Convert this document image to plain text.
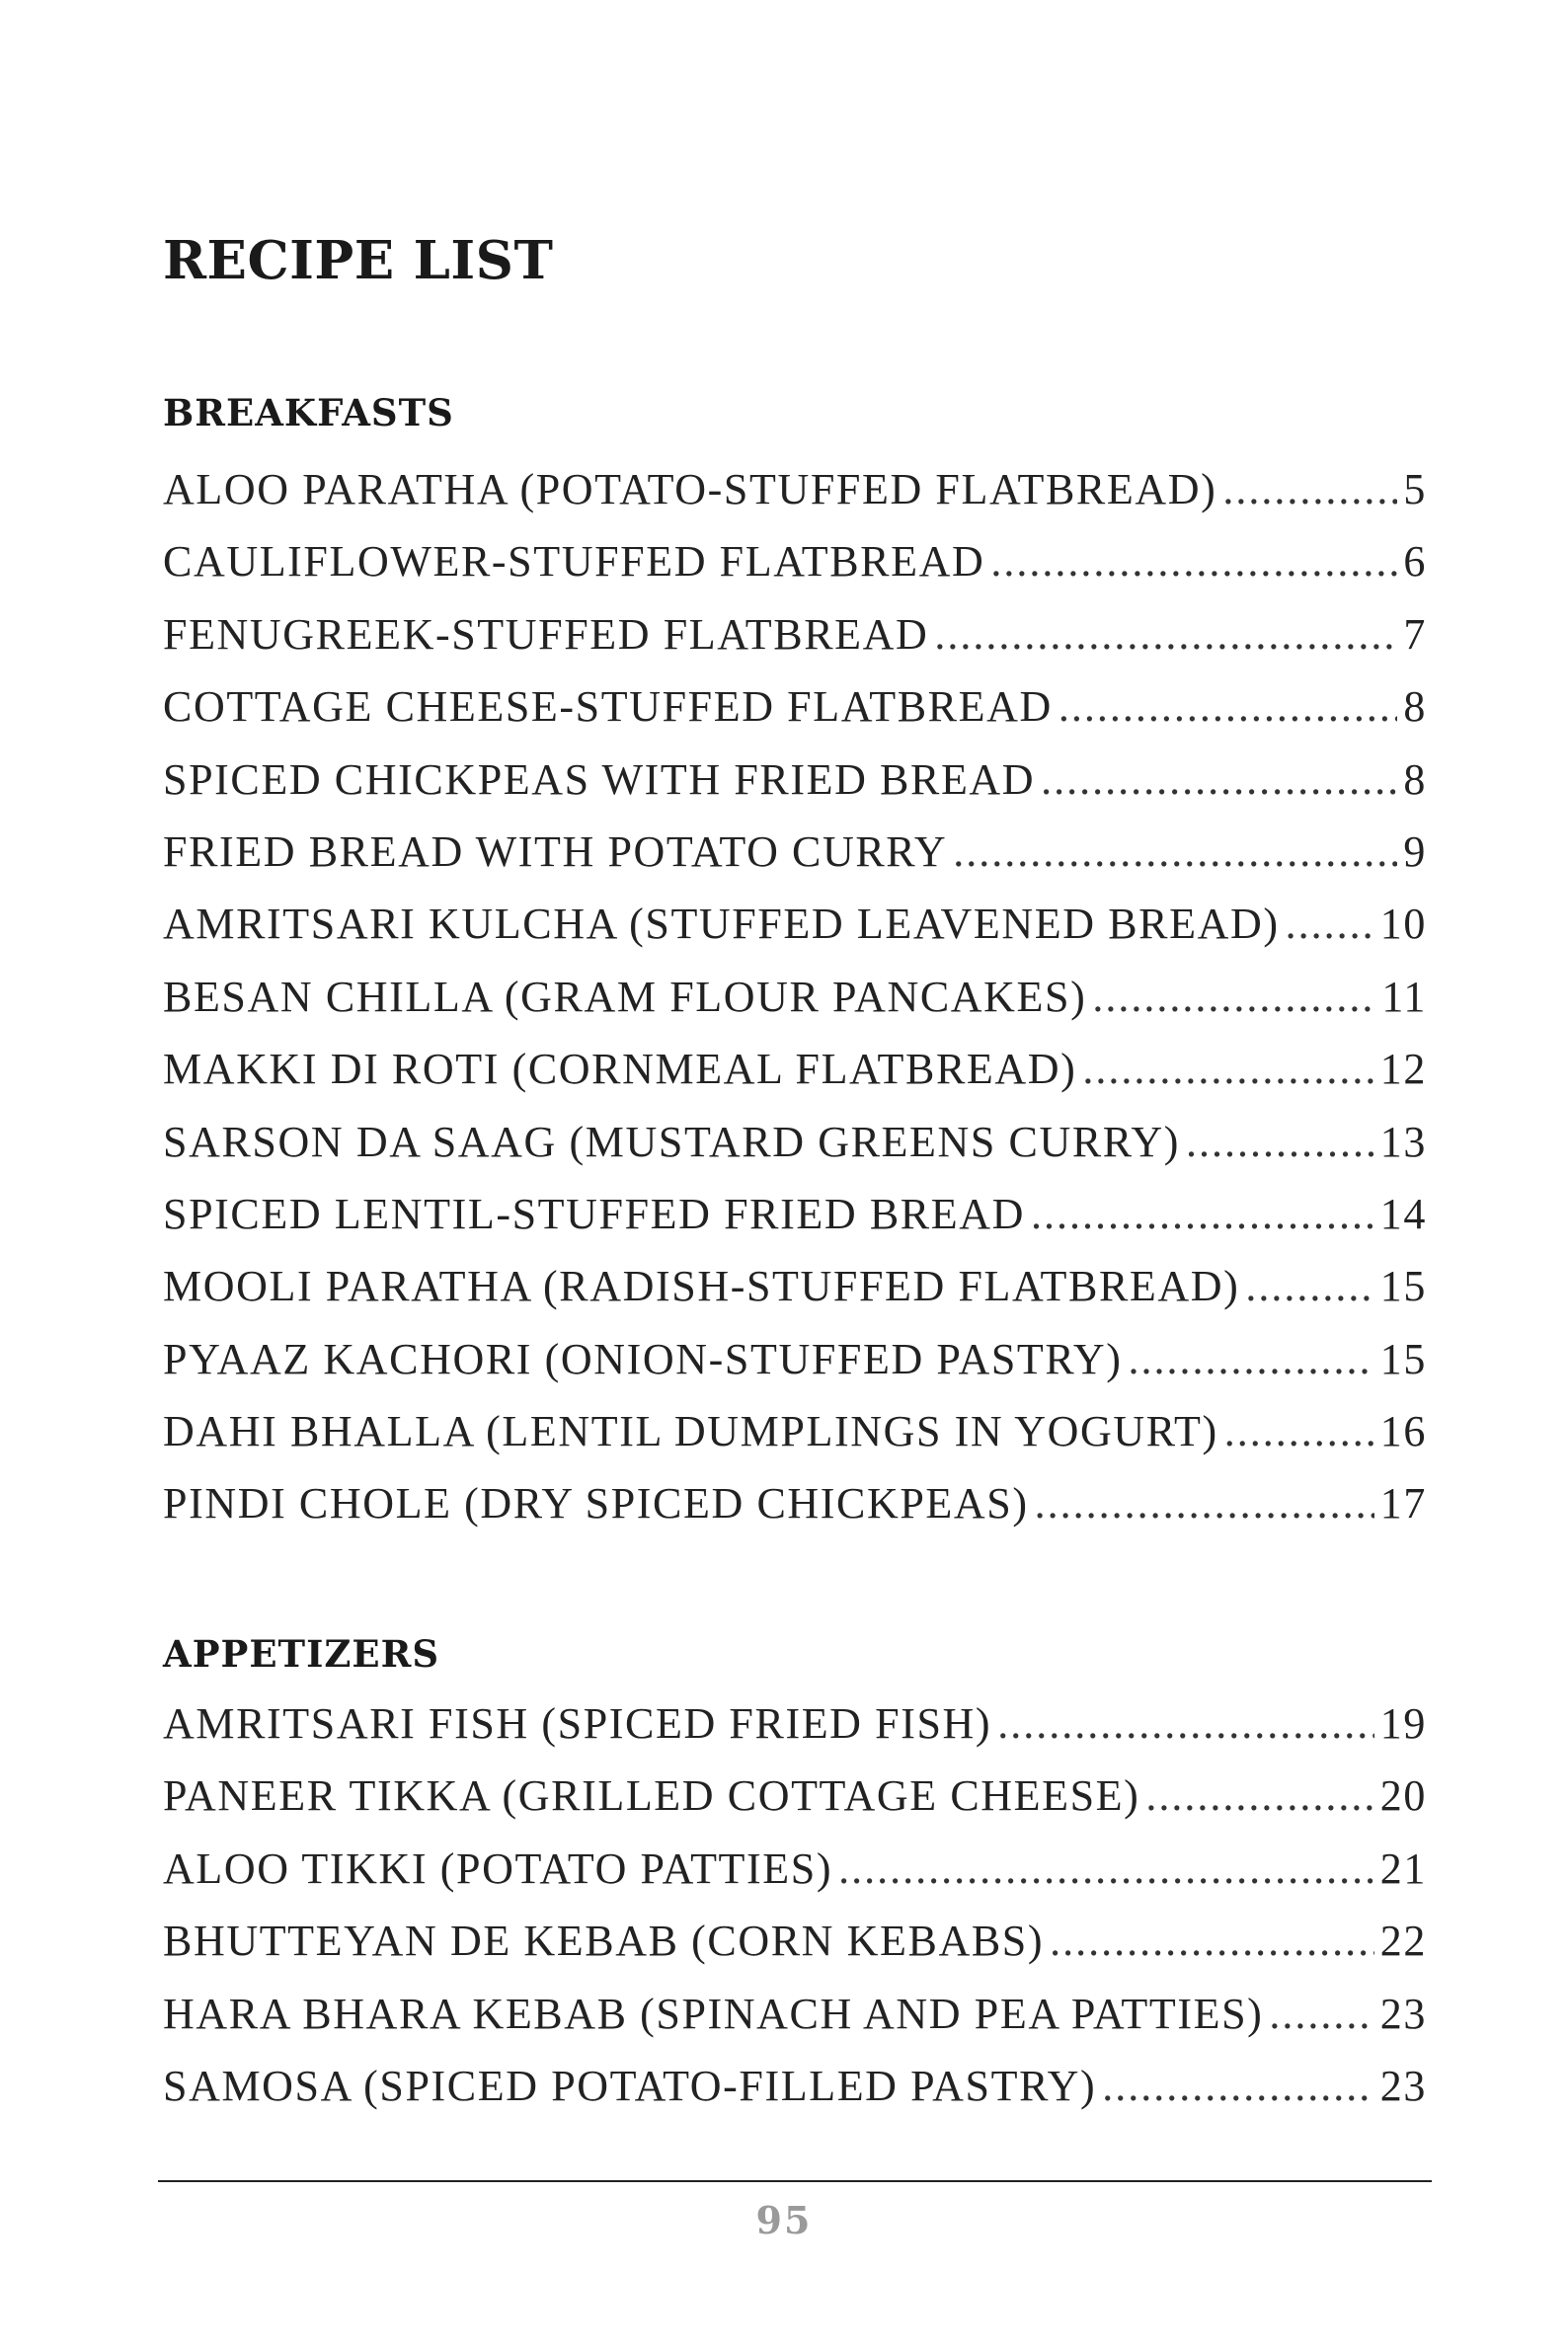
RECIPE LIST
BREAKFASTS
ALOO PARATHA (POTATO-STUFFED FLATBREAD) .....	5
CAULIFLOWER-STUFFED FLATBREAD .....	6
FENUGREEK-STUFFED FLATBREAD .....	7
COTTAGE CHEESE-STUFFED FLATBREAD .....	8
SPICED CHICKPEAS WITH FRIED BREAD .....	8
FRIED BREAD WITH POTATO CURRY .....	9
AMRITSARI KULCHA (STUFFED LEAVENED BREAD) ..... 10
BESAN CHILLA (GRAM FLOUR PANCAKES) .....	11
MAKKI DI ROTI (CORNMEAL FLATBREAD) .....	12
SARSON DA SAAG (MUSTARD GREENS CURRY) .....	13
SPICED LENTIL-STUFFED FRIED BREAD .....	14
MOOLI PARATHA (RADISH-STUFFED FLATBREAD) .....	15
PYAAZ KACHORI (ONION-STUFFED PASTRY) .....	15
DAHI BHALLA (LENTIL DUMPLINGS IN YOGURT) .....	16
PINDI CHOLE (DRY SPICED CHICKPEAS) .....	17
APPETIZERS
AMRITSARI FISH (SPICED FRIED FISH) .....	19
PANEER TIKKA (GRILLED COTTAGE CHEESE) .....	20
ALOO TIKKI (POTATO PATTIES) .....	21
BHUTTEYAN DE KEBAB (CORN KEBABS) .....	22
HARA BHARA KEBAB (SPINACH AND PEA PATTIES) .....	23
SAMOSA (SPICED POTATO-FILLED PASTRY) .....	23
95
